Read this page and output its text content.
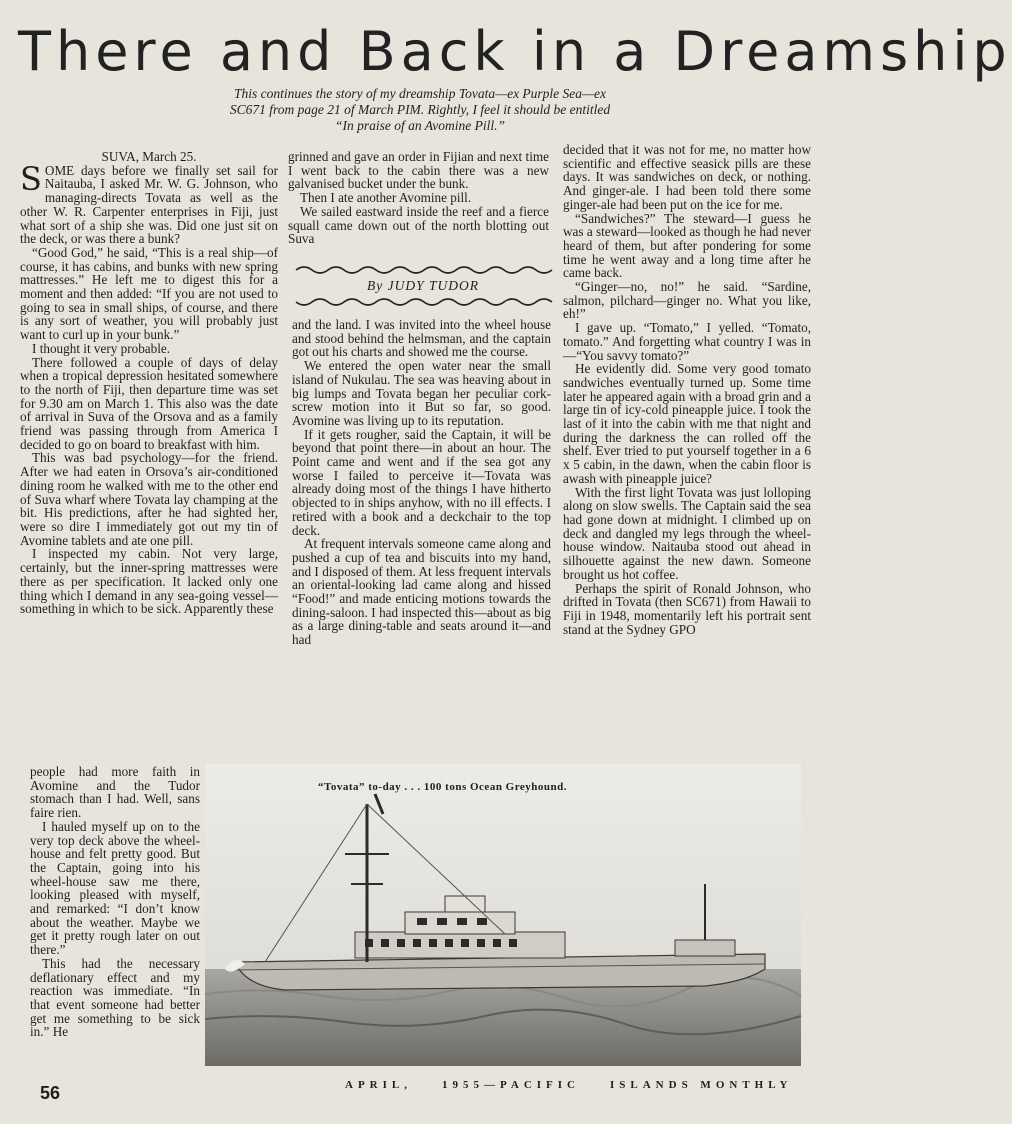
There and Back in a Dreamship

This continues the story of my dreamship Tovata—ex Purple Sea—ex

SC671 from page 21 of March PIM. Rightly, I feel it should be entitled

“In praise of an Avomine Pill.”

SUVA, March 25.

SOME days before we finally set sail for Naitauba, I asked Mr. W. G. Johnson, who managing-directs Tovata as well as the other W. R. Carpenter enterprises in Fiji, just what sort of a ship she was. Did one just sit on the deck, or was there a bunk?

“Good God,” he said, “This is a real ship—of course, it has cabins, and bunks with new spring mattresses.” He left me to digest this for a moment and then added: “If you are not used to going to sea in small ships, of course, and there is any sort of weather, you will probably just want to curl up in your bunk.”

I thought it very probable.

There followed a couple of days of delay when a tropical depression hesitated somewhere to the north of Fiji, then departure time was set for 9.30 am on March 1. This also was the date of arrival in Suva of the Orsova and as a family friend was passing through from America I decided to go on board to breakfast with him.

This was bad psychology—for the friend. After we had eaten in Orsova’s air-conditioned dining room he walked with me to the other end of Suva wharf where Tovata lay champing at the bit. His predictions, after he had sighted her, were so dire I immediately got out my tin of Avomine tablets and ate one pill.

I inspected my cabin. Not very large, certainly, but the inner-spring mattresses were there as per specification. It lacked only one thing which I demand in any sea-going vessel—something in which to be sick. Apparently these

people had more faith in Avomine and the Tudor stomach than I had. Well, sans faire rien.

I hauled myself up on to the very top deck above the wheel-house and felt pretty good. But the Captain, going into his wheel-house saw me there, looking pleased with myself, and remarked: “I don’t know about the weather. Maybe we get it pretty rough later on out there.”

This had the necessary deflationary effect and my reaction was immediate. “In that event someone had better get me something to be sick in.” He

grinned and gave an order in Fijian and next time I went back to the cabin there was a new galvanised bucket under the bunk.

Then I ate another Avomine pill.

We sailed eastward inside the reef and a fierce squall came down out of the north blotting out Suva

By JUDY TUDOR

and the land. I was invited into the wheel house and stood behind the helmsman, and the captain got out his charts and showed me the course.

We entered the open water near the small island of Nukulau. The sea was heaving about in big lumps and Tovata began her peculiar cork-screw motion into it But so far, so good. Avomine was living up to its reputation.

If it gets rougher, said the Captain, it will be beyond that point there—in about an hour. The Point came and went and if the sea got any worse I failed to perceive it—Tovata was already doing most of the things I have hitherto objected to in ships anyhow, with no ill effects. I retired with a book and a deckchair to the top deck.

At frequent intervals someone came along and pushed a cup of tea and biscuits into my hand, and I disposed of them. At less frequent intervals an oriental-looking lad came along and hissed “Food!” and made enticing motions towards the dining-saloon. I had inspected this—about as big as a large dining-table and seats around it—and had

decided that it was not for me, no matter how scientific and effective seasick pills are these days. It was sandwiches on deck, or nothing. And ginger-ale. I had been told there some ginger-ale had been put on the ice for me.

“Sandwiches?” The steward—I guess he was a steward—looked as though he had never heard of them, but after pondering for some time he went away and a long time after he came back.

“Ginger—no, no!” he said. “Sardine, salmon, pilchard—ginger no. What you like, eh!”

I gave up. “Tomato,” I yelled. “Tomato, tomato.” And forgetting what country I was in—“You savvy tomato?”

He evidently did. Some very good tomato sandwiches eventually turned up. Some time later he appeared again with a broad grin and a large tin of icy-cold pineapple juice. I took the last of it into the cabin with me that night and during the darkness the can rolled off the shelf. Ever tried to put yourself together in a 6 x 5 cabin, in the dawn, when the cabin floor is awash with pineapple juice?

With the first light Tovata was just lolloping along on slow swells. The Captain said the sea had gone down at midnight. I climbed up on deck and dangled my legs through the wheel-house window. Naitauba stood out ahead in silhouette against the new dawn. Someone brought us hot coffee.

Perhaps the spirit of Ronald Johnson, who drifted in Tovata (then SC671) from Hawaii to Fiji in 1948, momentarily left his portrait sent stand at the Sydney GPO

“Tovata” to-day . . . 100 tons Ocean Greyhound.
56	APRIL,	1955—PACIFIC	ISLANDS MONTHLY
